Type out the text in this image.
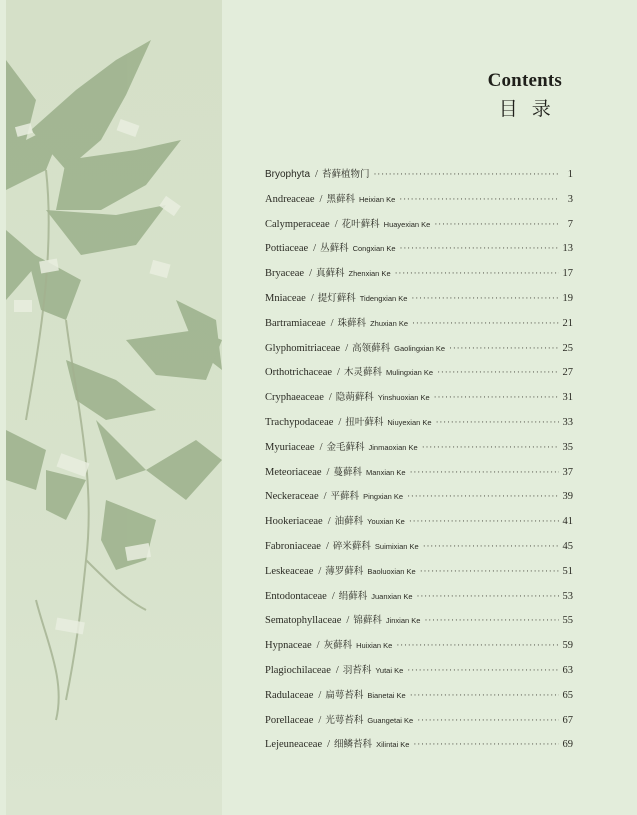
Contents
目录
Bryophyta / 苔藓植物门 ·····	1
Andreaceae / 黑藓科 Heixian Ke ·····	3
Calymperaceae / 花叶藓科 Huayexian Ke ·····	7
Pottiaceae / 丛藓科 Congxian Ke ·····	13
Bryaceae / 真藓科 Zhenxian Ke ·····	17
Mniaceae / 提灯藓科 Tidengxian Ke ·····	19
Bartramiaceae / 珠藓科 Zhuxian Ke ·····	21
Glyphomitriaceae / 高领藓科 Gaolingxian Ke ·····	25
Orthotrichaceae / 木灵藓科 Mulingxian Ke ·····	27
Cryphaeaceae / 隐蒴藓科 Yinshuoxian Ke ·····	31
Trachypodaceae / 扭叶藓科 Niuyexian Ke ·····	33
Myuriaceae / 金毛藓科 Jinmaoxian Ke ·····	35
Meteoriaceae / 蔓藓科 Manxian Ke ·····	37
Neckeraceae / 平藓科 Pingxian Ke ·····	39
Hookeriaceae / 油藓科 Youxian Ke ·····	41
Fabroniaceae / 碎米藓科 Suimixian Ke ·····	45
Leskeaceae / 薄罗藓科 Baoluoxian Ke ·····	51
Entodontaceae / 绢藓科 Juanxian Ke ·····	53
Sematophyllaceae / 锦藓科 Jinxian Ke ·····	55
Hypnaceae / 灰藓科 Huixian Ke ·····	59
Plagiochilaceae / 羽苔科 Yutai Ke ·····	63
Radulaceae / 扁萼苔科 Bianetai Ke ·····	65
Porellaceae / 光萼苔科 Guangetai Ke ·····	67
Lejeuneaceae / 细鳞苔科 Xilintai Ke ·····	69
